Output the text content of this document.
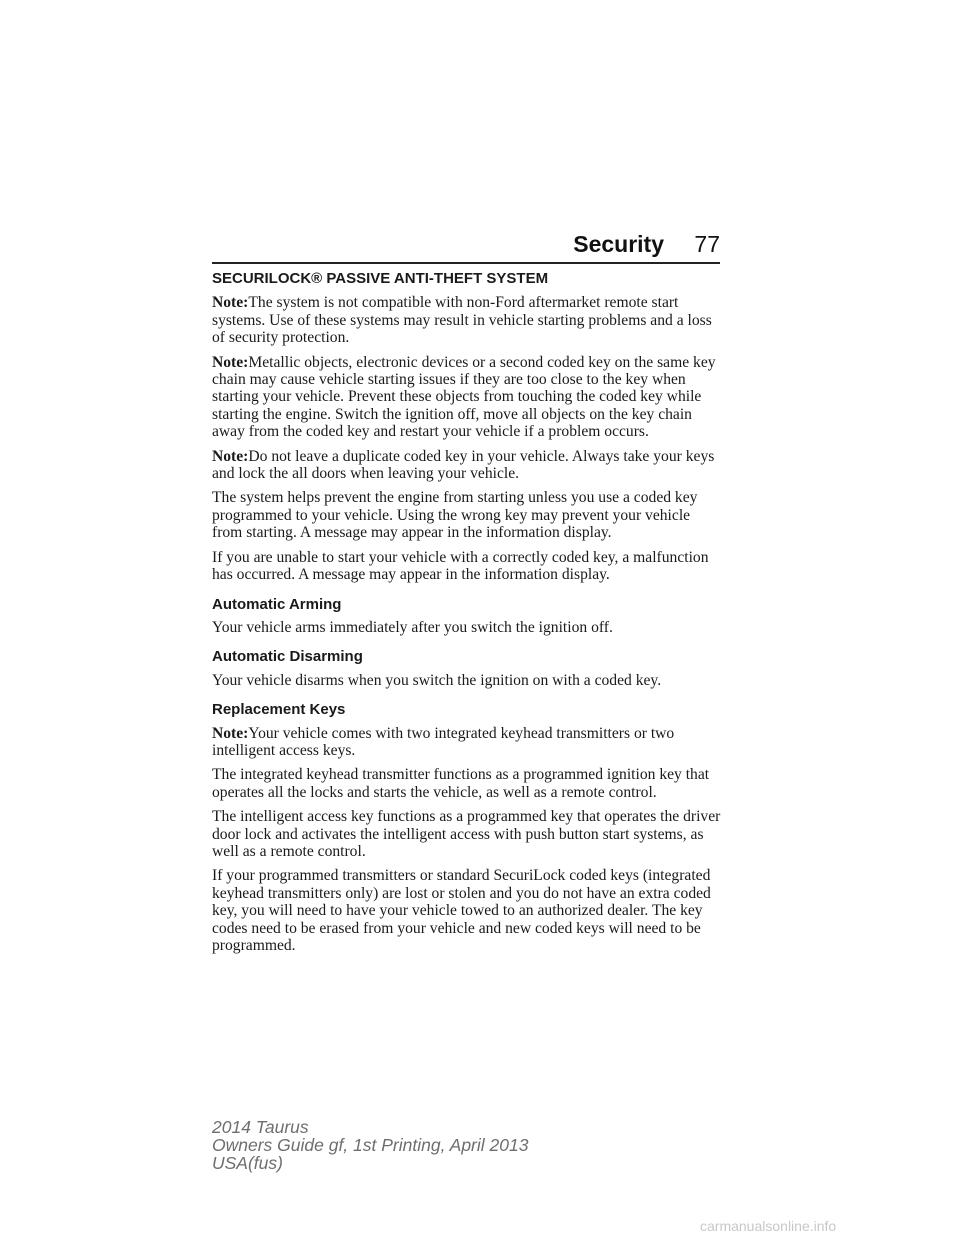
Security 77
SECURILOCK® PASSIVE ANTI-THEFT SYSTEM

Note:The system is not compatible with non-Ford aftermarket remote start systems. Use of these systems may result in vehicle starting problems and a loss of security protection.

Note:Metallic objects, electronic devices or a second coded key on the same key chain may cause vehicle starting issues if they are too close to the key when starting your vehicle. Prevent these objects from touching the coded key while starting the engine. Switch the ignition off, move all objects on the key chain away from the coded key and restart your vehicle if a problem occurs.

Note:Do not leave a duplicate coded key in your vehicle. Always take your keys and lock the all doors when leaving your vehicle.

The system helps prevent the engine from starting unless you use a coded key programmed to your vehicle. Using the wrong key may prevent your vehicle from starting. A message may appear in the information display.

If you are unable to start your vehicle with a correctly coded key, a malfunction has occurred. A message may appear in the information display.

Automatic Arming

Your vehicle arms immediately after you switch the ignition off.

Automatic Disarming

Your vehicle disarms when you switch the ignition on with a coded key.

Replacement Keys

Note:Your vehicle comes with two integrated keyhead transmitters or two intelligent access keys.

The integrated keyhead transmitter functions as a programmed ignition key that operates all the locks and starts the vehicle, as well as a remote control.

The intelligent access key functions as a programmed key that operates the driver door lock and activates the intelligent access with push button start systems, as well as a remote control.

If your programmed transmitters or standard SecuriLock coded keys (integrated keyhead transmitters only) are lost or stolen and you do not have an extra coded key, you will need to have your vehicle towed to an authorized dealer. The key codes need to be erased from your vehicle and new coded keys will need to be programmed.

2014 Taurus
Owners Guide gf, 1st Printing, April 2013
USA(fus)
carmanualsonline.info
